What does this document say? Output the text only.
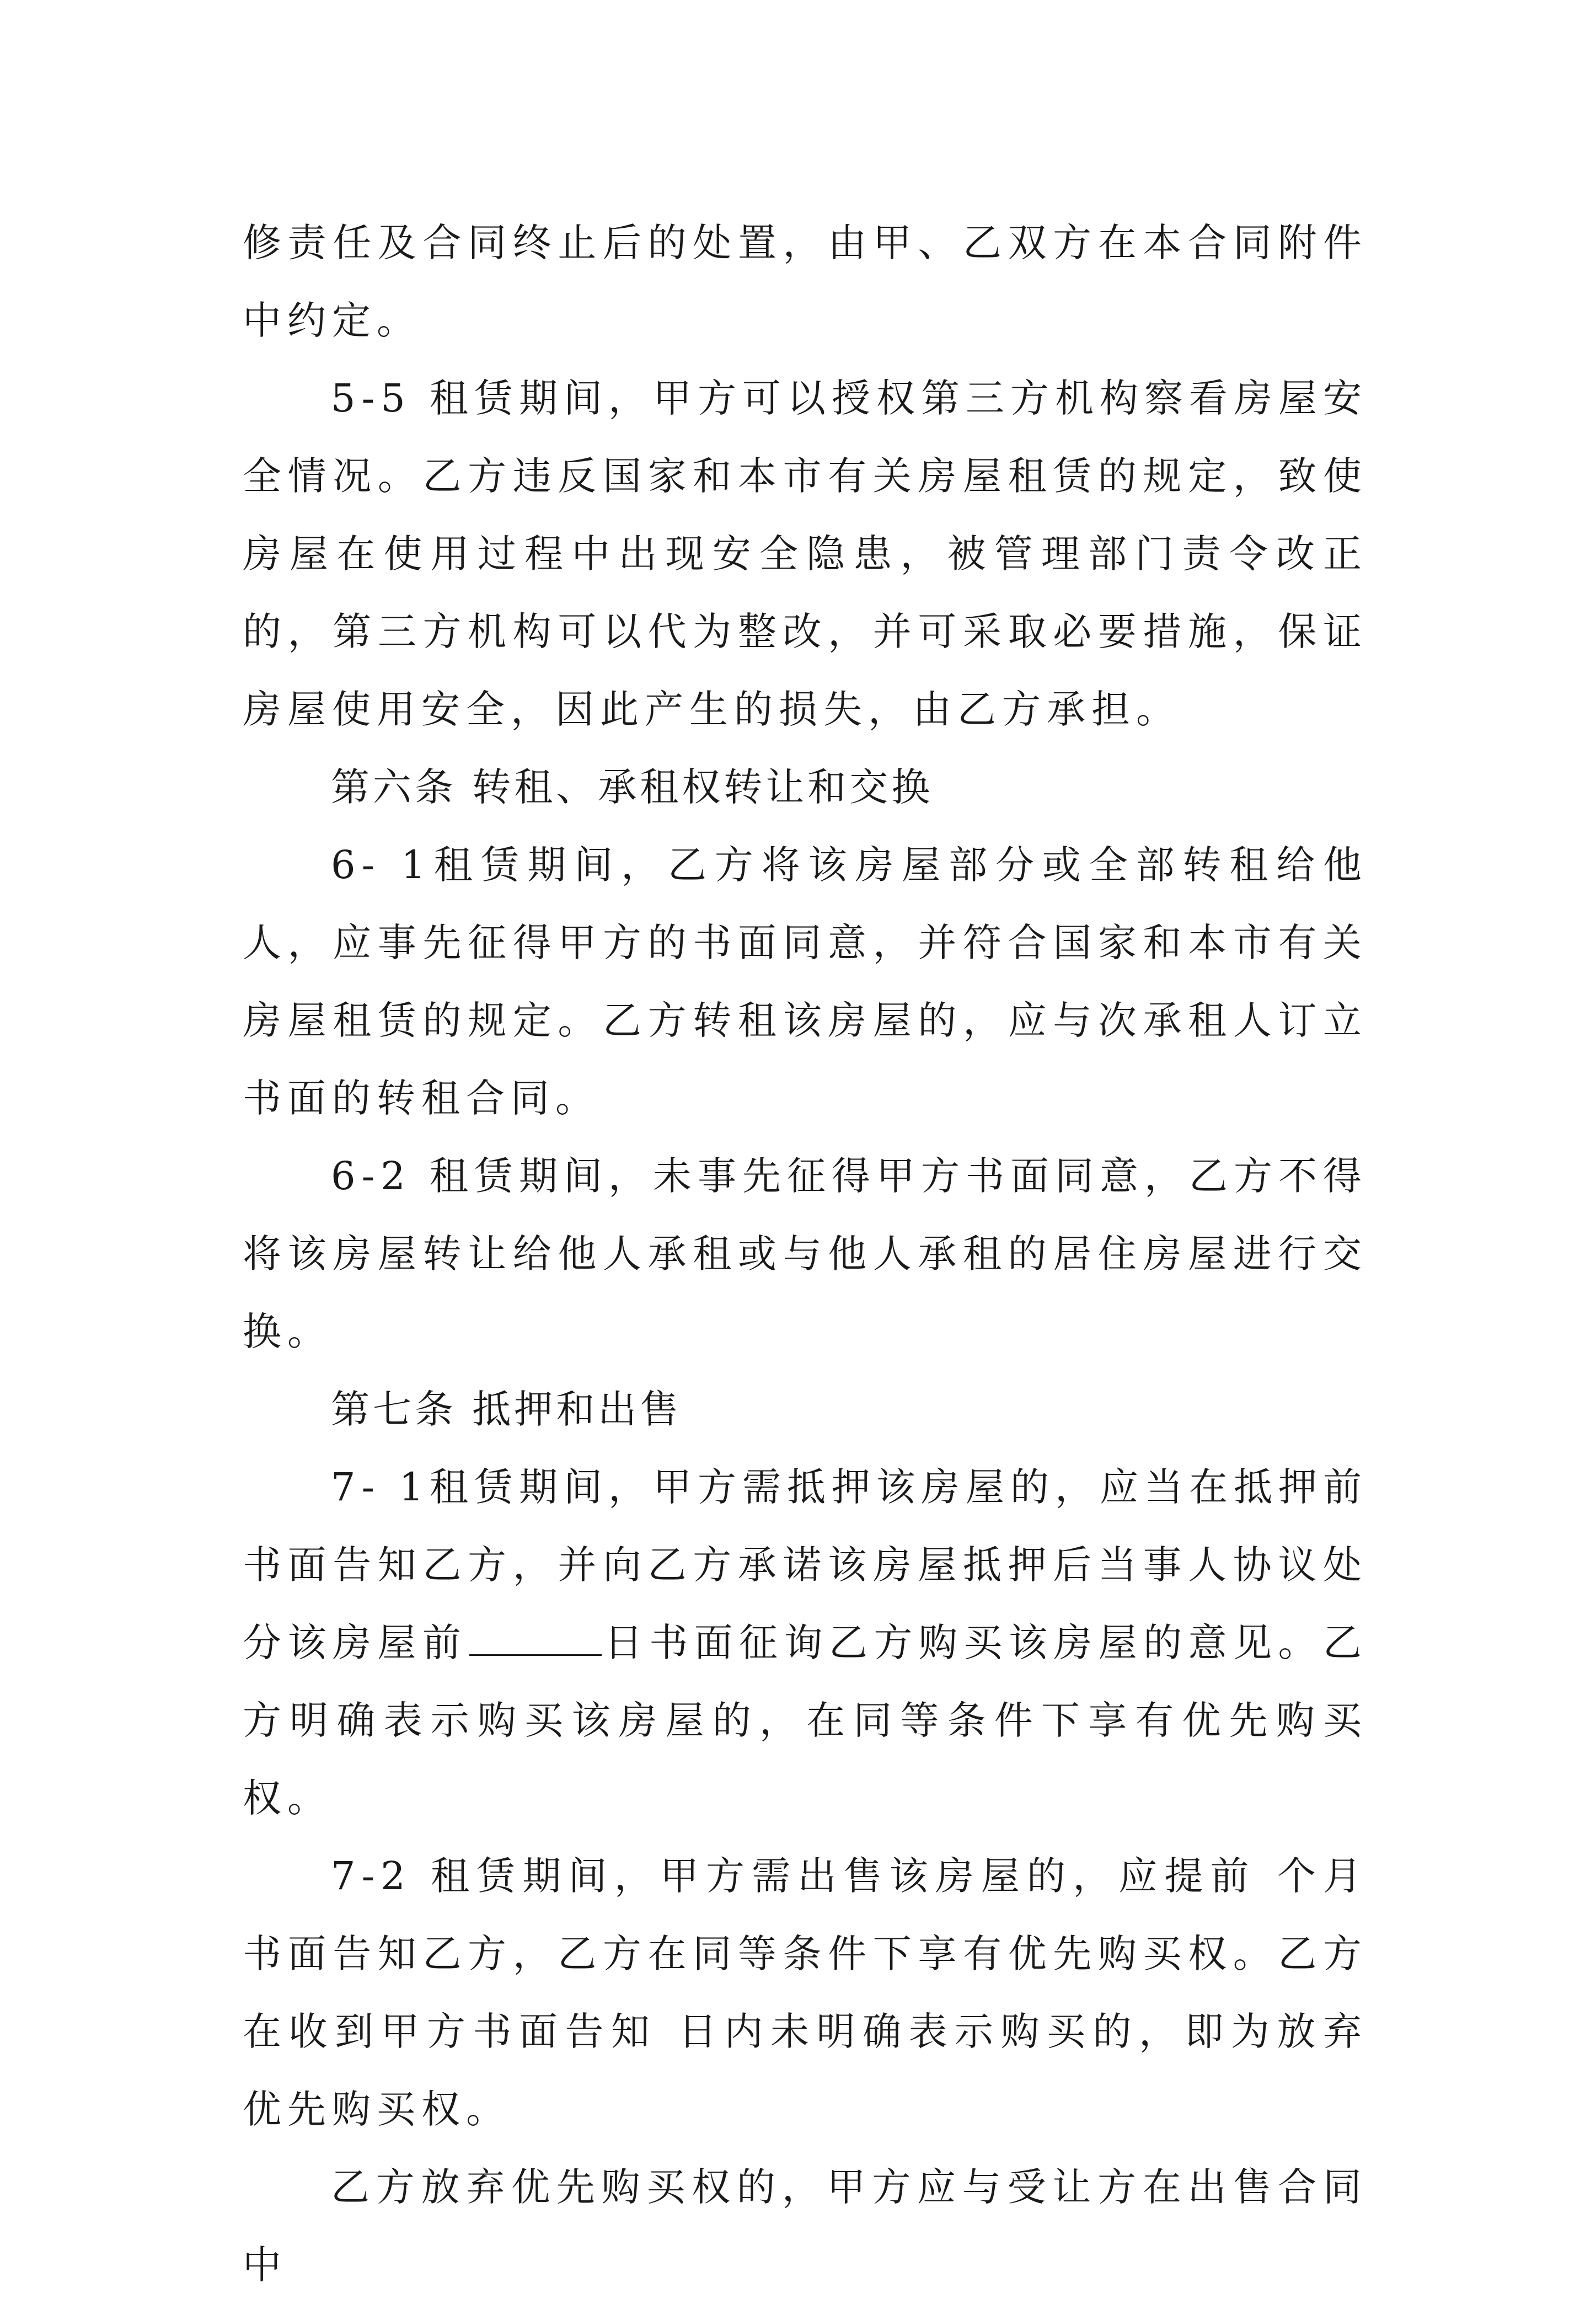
修责任及合同终止后的处置，由甲、乙双方在本合同附件中约定。

5-5 租赁期间，甲方可以授权第三方机构察看房屋安全情况。乙方违反国家和本市有关房屋租赁的规定，致使房屋在使用过程中出现安全隐患，被管理部门责令改正的，第三方机构可以代为整改，并可采取必要措施，保证房屋使用安全，因此产生的损失，由乙方承担。

第六条 转租、承租权转让和交换

6- 1租赁期间，乙方将该房屋部分或全部转租给他人，应事先征得甲方的书面同意，并符合国家和本市有关房屋租赁的规定。乙方转租该房屋的，应与次承租人订立书面的转租合同。

6-2 租赁期间，未事先征得甲方书面同意，乙方不得将该房屋转让给他人承租或与他人承租的居住房屋进行交换。

第七条 抵押和出售

7- 1租赁期间，甲方需抵押该房屋的，应当在抵押前书面告知乙方，并向乙方承诺该房屋抵押后当事人协议处分该房屋前	日书面征询乙方购买该房屋的意见。乙方明确表示购买该房屋的，在同等条件下享有优先购买权。

7-2 租赁期间，甲方需出售该房屋的，应提前 个月书面告知乙方，乙方在同等条件下享有优先购买权。乙方在收到甲方书面告知 日内未明确表示购买的，即为放弃优先购买权。

乙方放弃优先购买权的，甲方应与受让方在出售合同中
